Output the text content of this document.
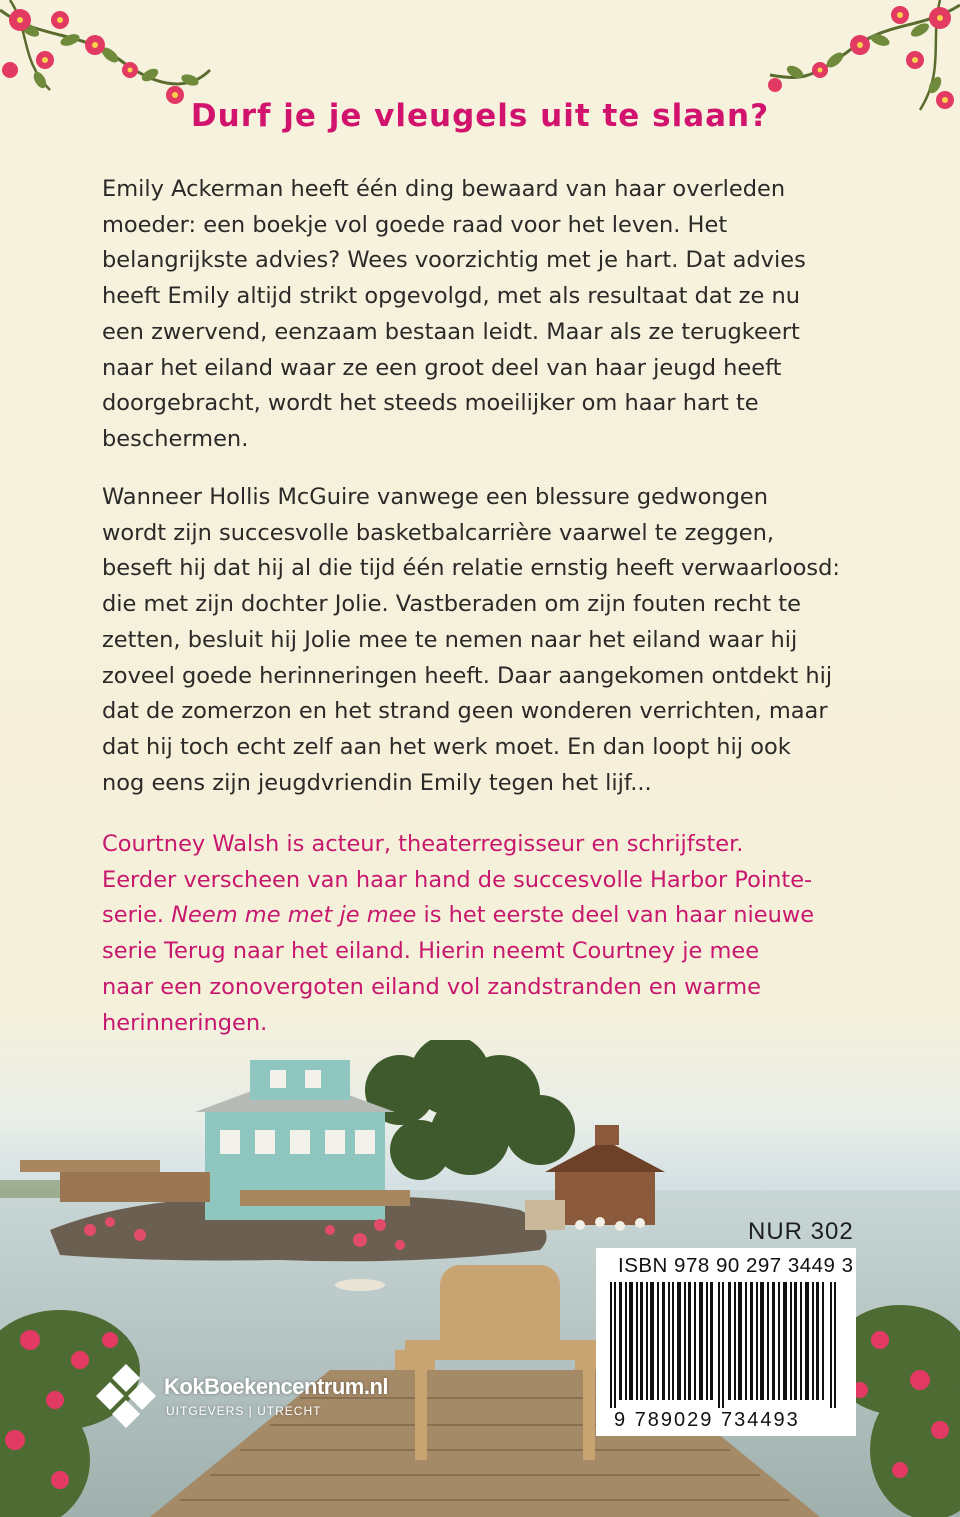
Durf je je vleugels uit te slaan?

Emily Ackerman heeft één ding bewaard van haar overleden
moeder: een boekje vol goede raad voor het leven. Het
belangrijkste advies? Wees voorzichtig met je hart. Dat advies
heeft Emily altijd strikt opgevolgd, met als resultaat dat ze nu
een zwervend, eenzaam bestaan leidt. Maar als ze terugkeert
naar het eiland waar ze een groot deel van haar jeugd heeft
doorgebracht, wordt het steeds moeilijker om haar hart te
beschermen.

Wanneer Hollis McGuire vanwege een blessure gedwongen
wordt zijn succesvolle basketbalcarrière vaarwel te zeggen,
beseft hij dat hij al die tijd één relatie ernstig heeft verwaarloosd:
die met zijn dochter Jolie. Vastberaden om zijn fouten recht te
zetten, besluit hij Jolie mee te nemen naar het eiland waar hij
zoveel goede herinneringen heeft. Daar aangekomen ontdekt hij
dat de zomerzon en het strand geen wonderen verrichten, maar
dat hij toch echt zelf aan het werk moet. En dan loopt hij ook
nog eens zijn jeugdvriendin Emily tegen het lijf...

Courtney Walsh is acteur, theaterregisseur en schrijfster.
Eerder verscheen van haar hand de succesvolle Harbor Pointe-
serie. Neem me met je mee is het eerste deel van haar nieuwe
serie Terug naar het eiland. Hierin neemt Courtney je mee
naar een zonovergoten eiland vol zandstranden en warme
herinneringen.

NUR 302
ISBN 978 90 297 3449 3
9 789029 734493
KokBoekencentrum.nl
UITGEVERS | UTRECHT
